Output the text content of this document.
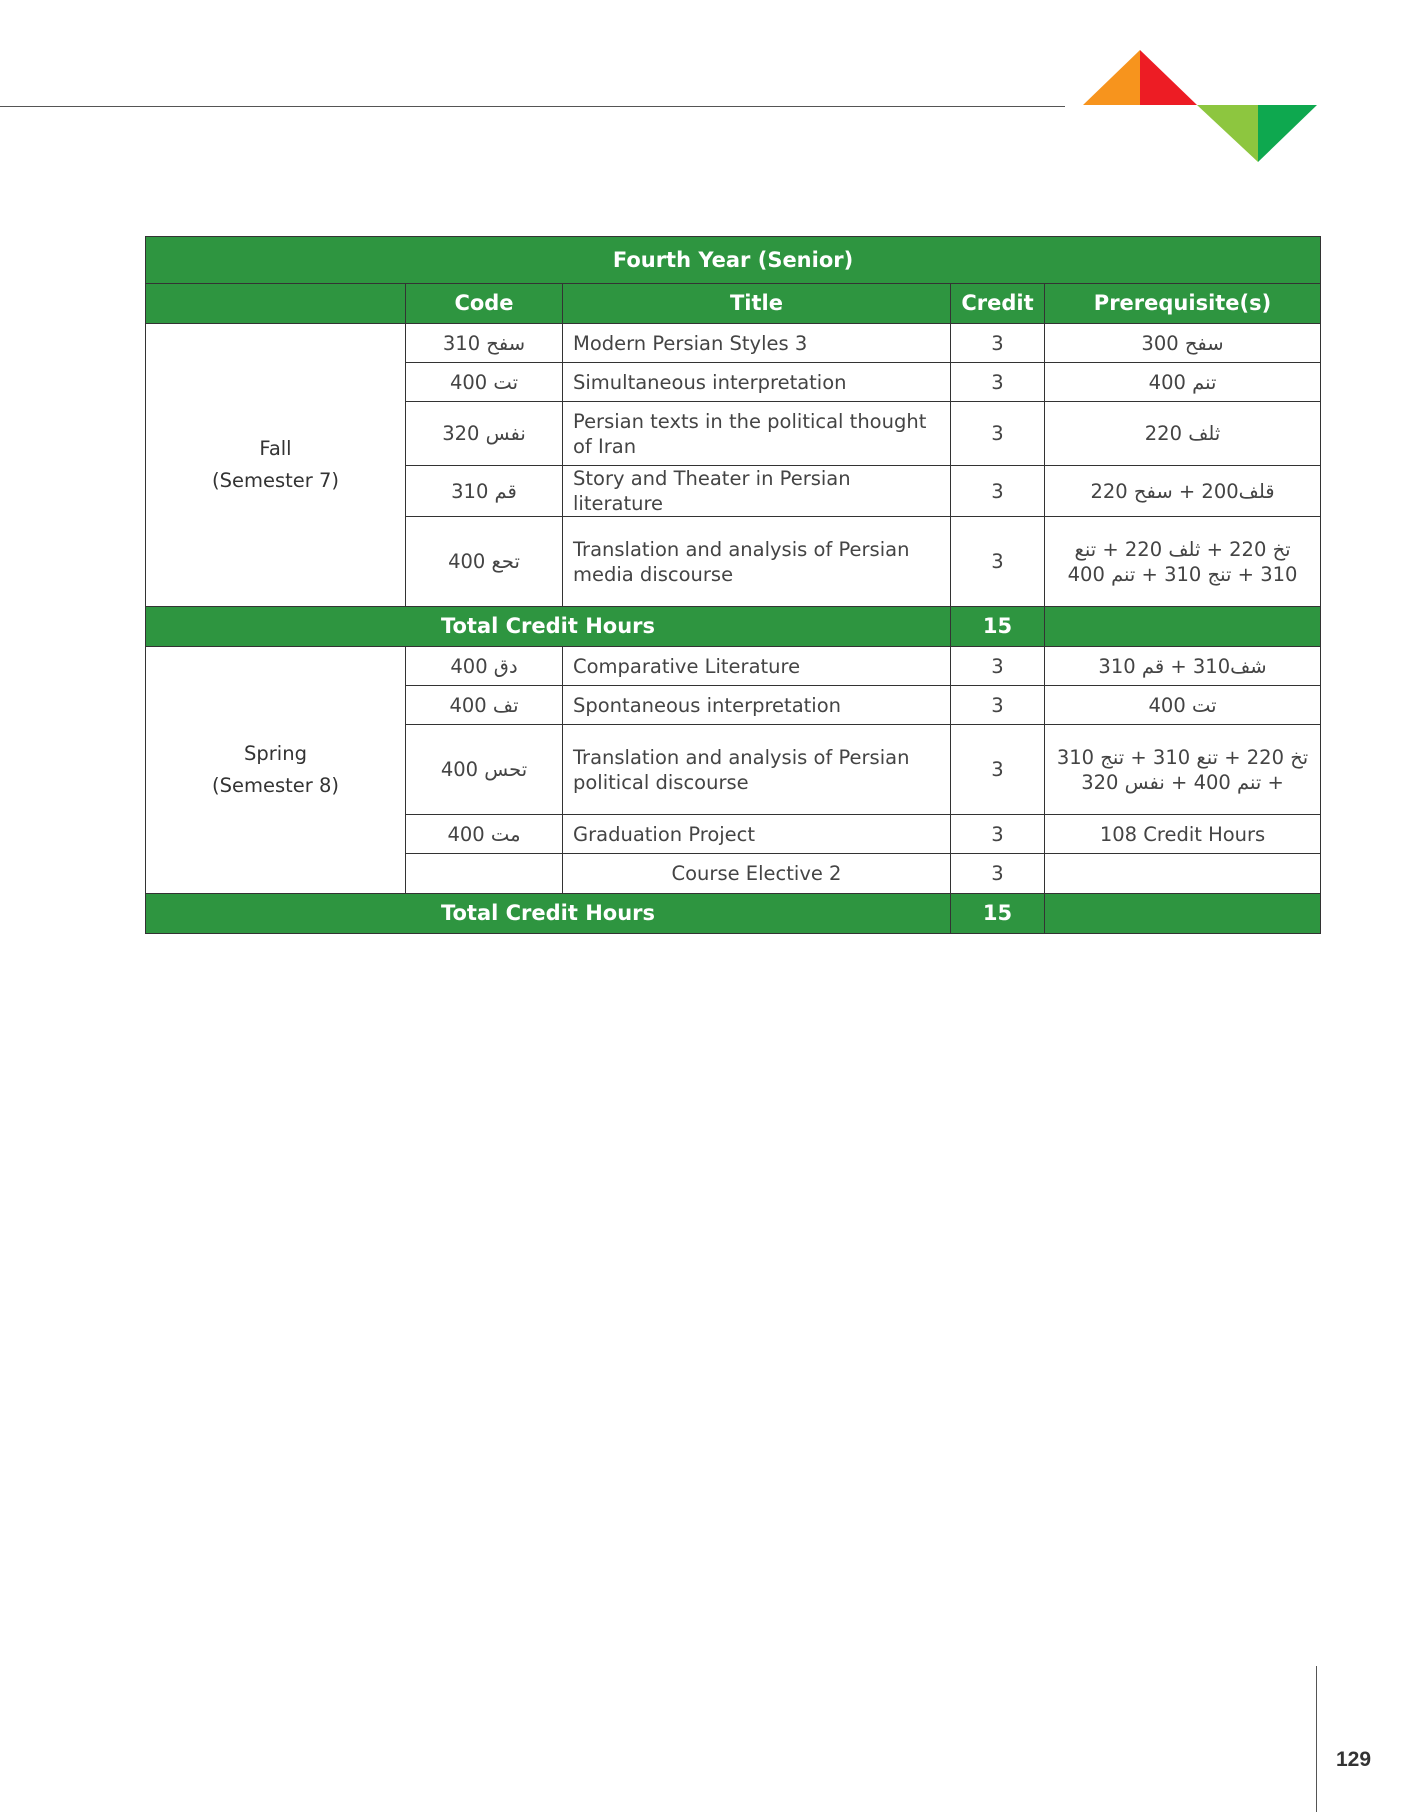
Fourth Year (Senior)				
	Code	Title	Credit	Prerequisite(s)

Fall
(Semester 7)	سفح 310	Modern Persian Styles 3	3	سفح 300
	تت 400	Simultaneous interpretation	3	تنم 400
	نفس 320	Persian texts in the political thought of Iran	3	ثلف 220
	قم 310	Story and Theater in Persian literature	3	قلف200 + سفح 220
	تحع 400	Translation and analysis of Persian media discourse	3	تخ 220 + ثلف 220 + تنع 310 + تنج 310 + تنم 400
Total Credit Hours			15	

Spring
(Semester 8)	دق 400	Comparative Literature	3	شف310 + قم 310
	تف 400	Spontaneous interpretation	3	تت 400
	تحس 400	Translation and analysis of Persian political discourse	3	تخ 220 + تنع 310 + تنج 310 + تنم 400 + نفس 320
	مت 400	Graduation Project	3	108 Credit Hours
		Course Elective 2	3	
Total Credit Hours			15	
129
